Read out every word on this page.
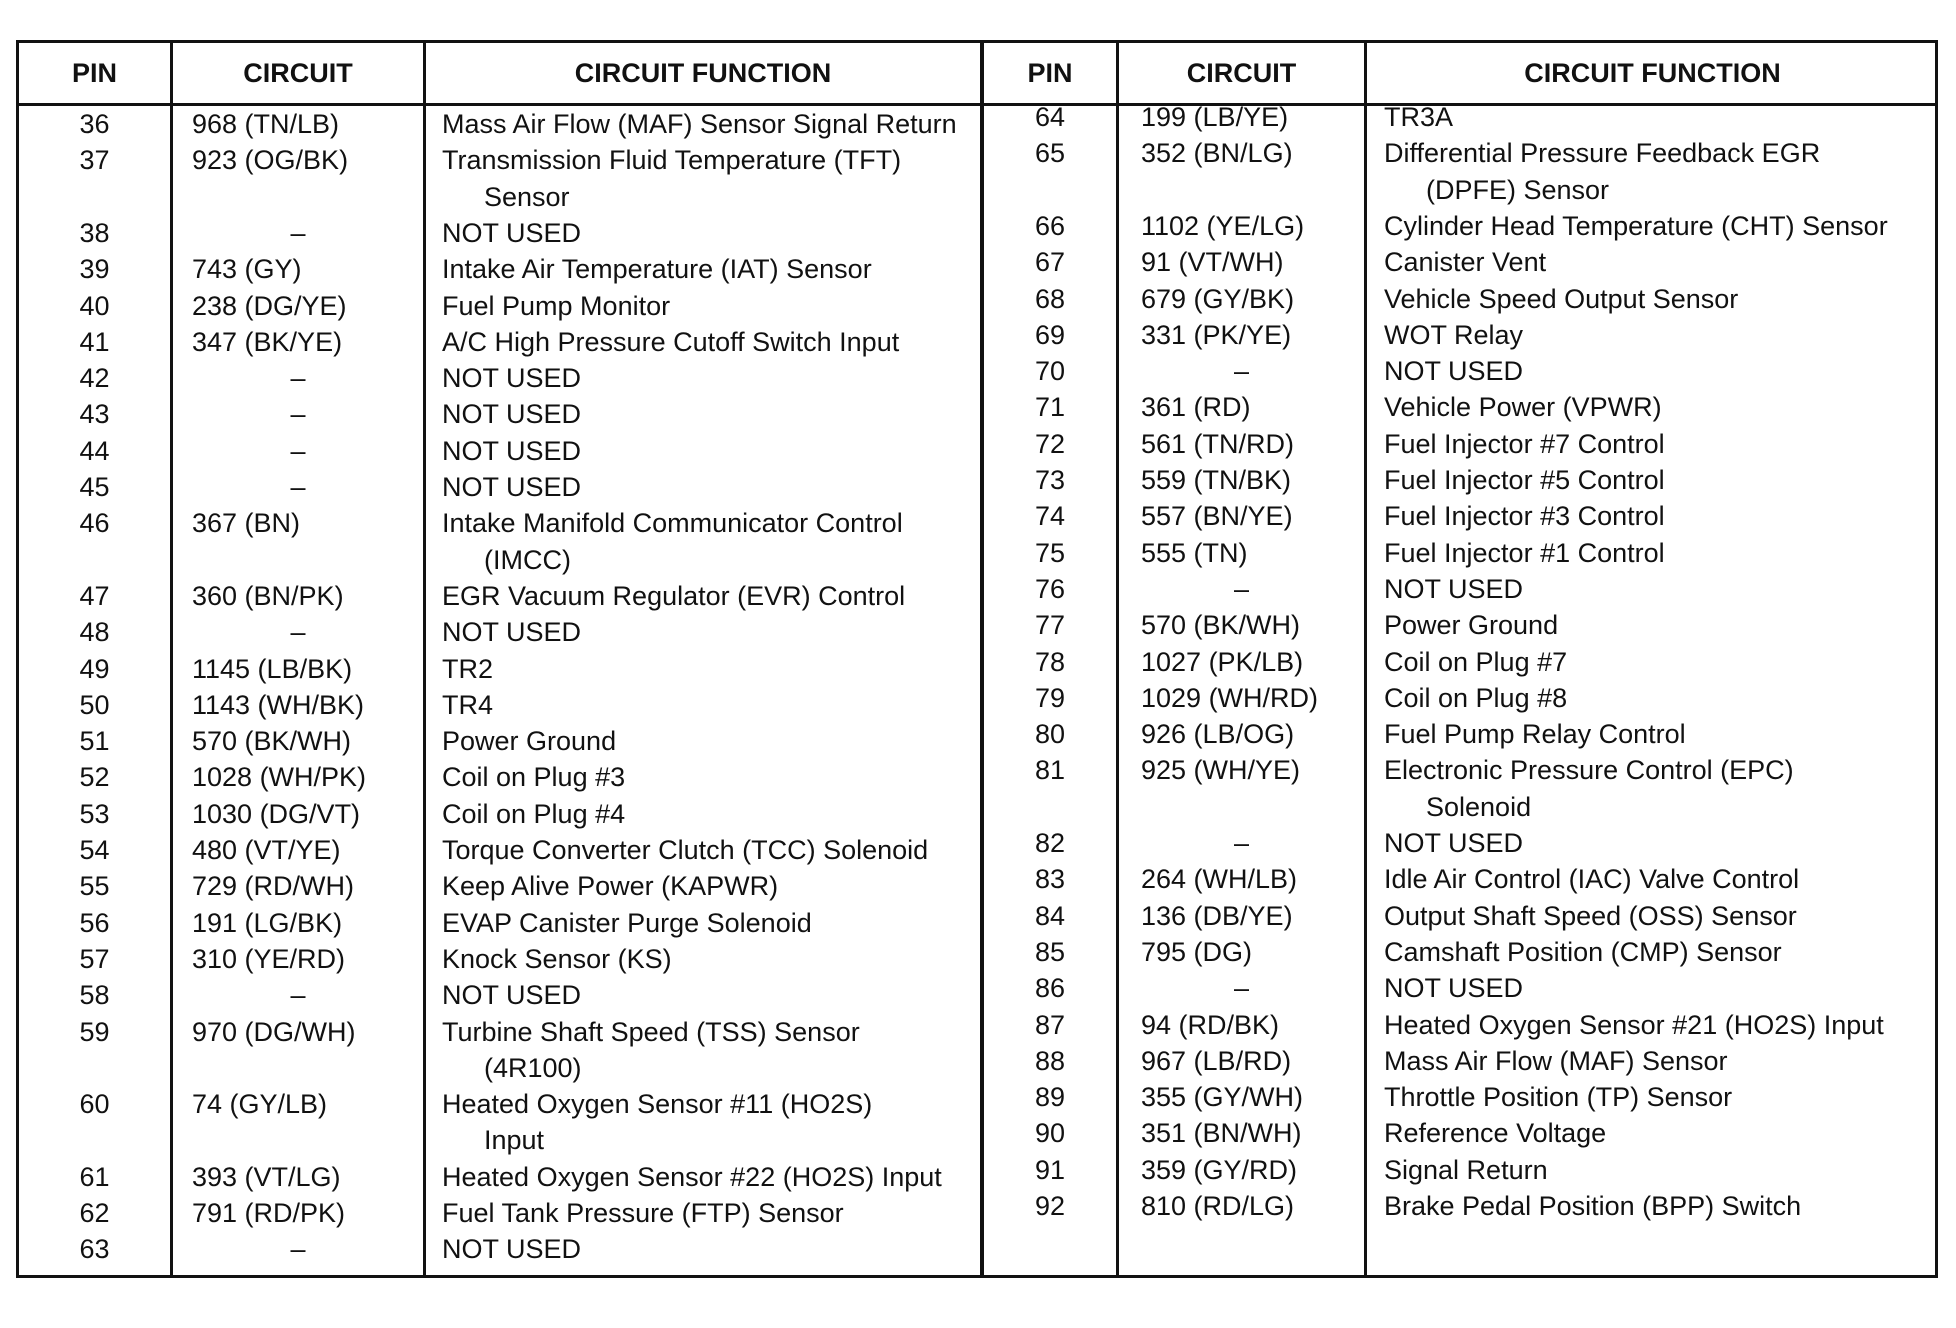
PIN	CIRCUIT	CIRCUIT FUNCTION	PIN	CIRCUIT	CIRCUIT FUNCTION
36	968 (TN/LB)	Mass Air Flow (MAF) Sensor Signal Return
37	923 (OG/BK)	Transmission Fluid Temperature (TFT)
Sensor
38	–	NOT USED
39	743 (GY)	Intake Air Temperature (IAT) Sensor
40	238 (DG/YE)	Fuel Pump Monitor
41	347 (BK/YE)	A/C High Pressure Cutoff Switch Input
42	–	NOT USED
43	–	NOT USED
44	–	NOT USED
45	–	NOT USED
46	367 (BN)	Intake Manifold Communicator Control
(IMCC)
47	360 (BN/PK)	EGR Vacuum Regulator (EVR) Control
48	–	NOT USED
49	1145 (LB/BK)	TR2
50	1143 (WH/BK)	TR4
51	570 (BK/WH)	Power Ground
52	1028 (WH/PK)	Coil on Plug #3
53	1030 (DG/VT)	Coil on Plug #4
54	480 (VT/YE)	Torque Converter Clutch (TCC) Solenoid
55	729 (RD/WH)	Keep Alive Power (KAPWR)
56	191 (LG/BK)	EVAP Canister Purge Solenoid
57	310 (YE/RD)	Knock Sensor (KS)
58	–	NOT USED
59	970 (DG/WH)	Turbine Shaft Speed (TSS) Sensor
(4R100)
60	74 (GY/LB)	Heated Oxygen Sensor #11 (HO2S)
Input
61	393 (VT/LG)	Heated Oxygen Sensor #22 (HO2S) Input
62	791 (RD/PK)	Fuel Tank Pressure (FTP) Sensor
63	–	NOT USED
64	199 (LB/YE)	TR3A
65	352 (BN/LG)	Differential Pressure Feedback EGR
(DPFE) Sensor
66	1102 (YE/LG)	Cylinder Head Temperature (CHT) Sensor
67	91 (VT/WH)	Canister Vent
68	679 (GY/BK)	Vehicle Speed Output Sensor
69	331 (PK/YE)	WOT Relay
70	–	NOT USED
71	361 (RD)	Vehicle Power (VPWR)
72	561 (TN/RD)	Fuel Injector #7 Control
73	559 (TN/BK)	Fuel Injector #5 Control
74	557 (BN/YE)	Fuel Injector #3 Control
75	555 (TN)	Fuel Injector #1 Control
76	–	NOT USED
77	570 (BK/WH)	Power Ground
78	1027 (PK/LB)	Coil on Plug #7
79	1029 (WH/RD) Coil on Plug #8
80	926 (LB/OG)	Fuel Pump Relay Control
81	925 (WH/YE)	Electronic Pressure Control (EPC)
Solenoid
82	–	NOT USED
83	264 (WH/LB)	Idle Air Control (IAC) Valve Control
84	136 (DB/YE)	Output Shaft Speed (OSS) Sensor
85	795 (DG)	Camshaft Position (CMP) Sensor
86	–	NOT USED
87	94 (RD/BK)	Heated Oxygen Sensor #21 (HO2S) Input
88	967 (LB/RD)	Mass Air Flow (MAF) Sensor
89	355 (GY/WH)	Throttle Position (TP) Sensor
90	351 (BN/WH)	Reference Voltage
91	359 (GY/RD)	Signal Return
92	810 (RD/LG)	Brake Pedal Position (BPP) Switch
